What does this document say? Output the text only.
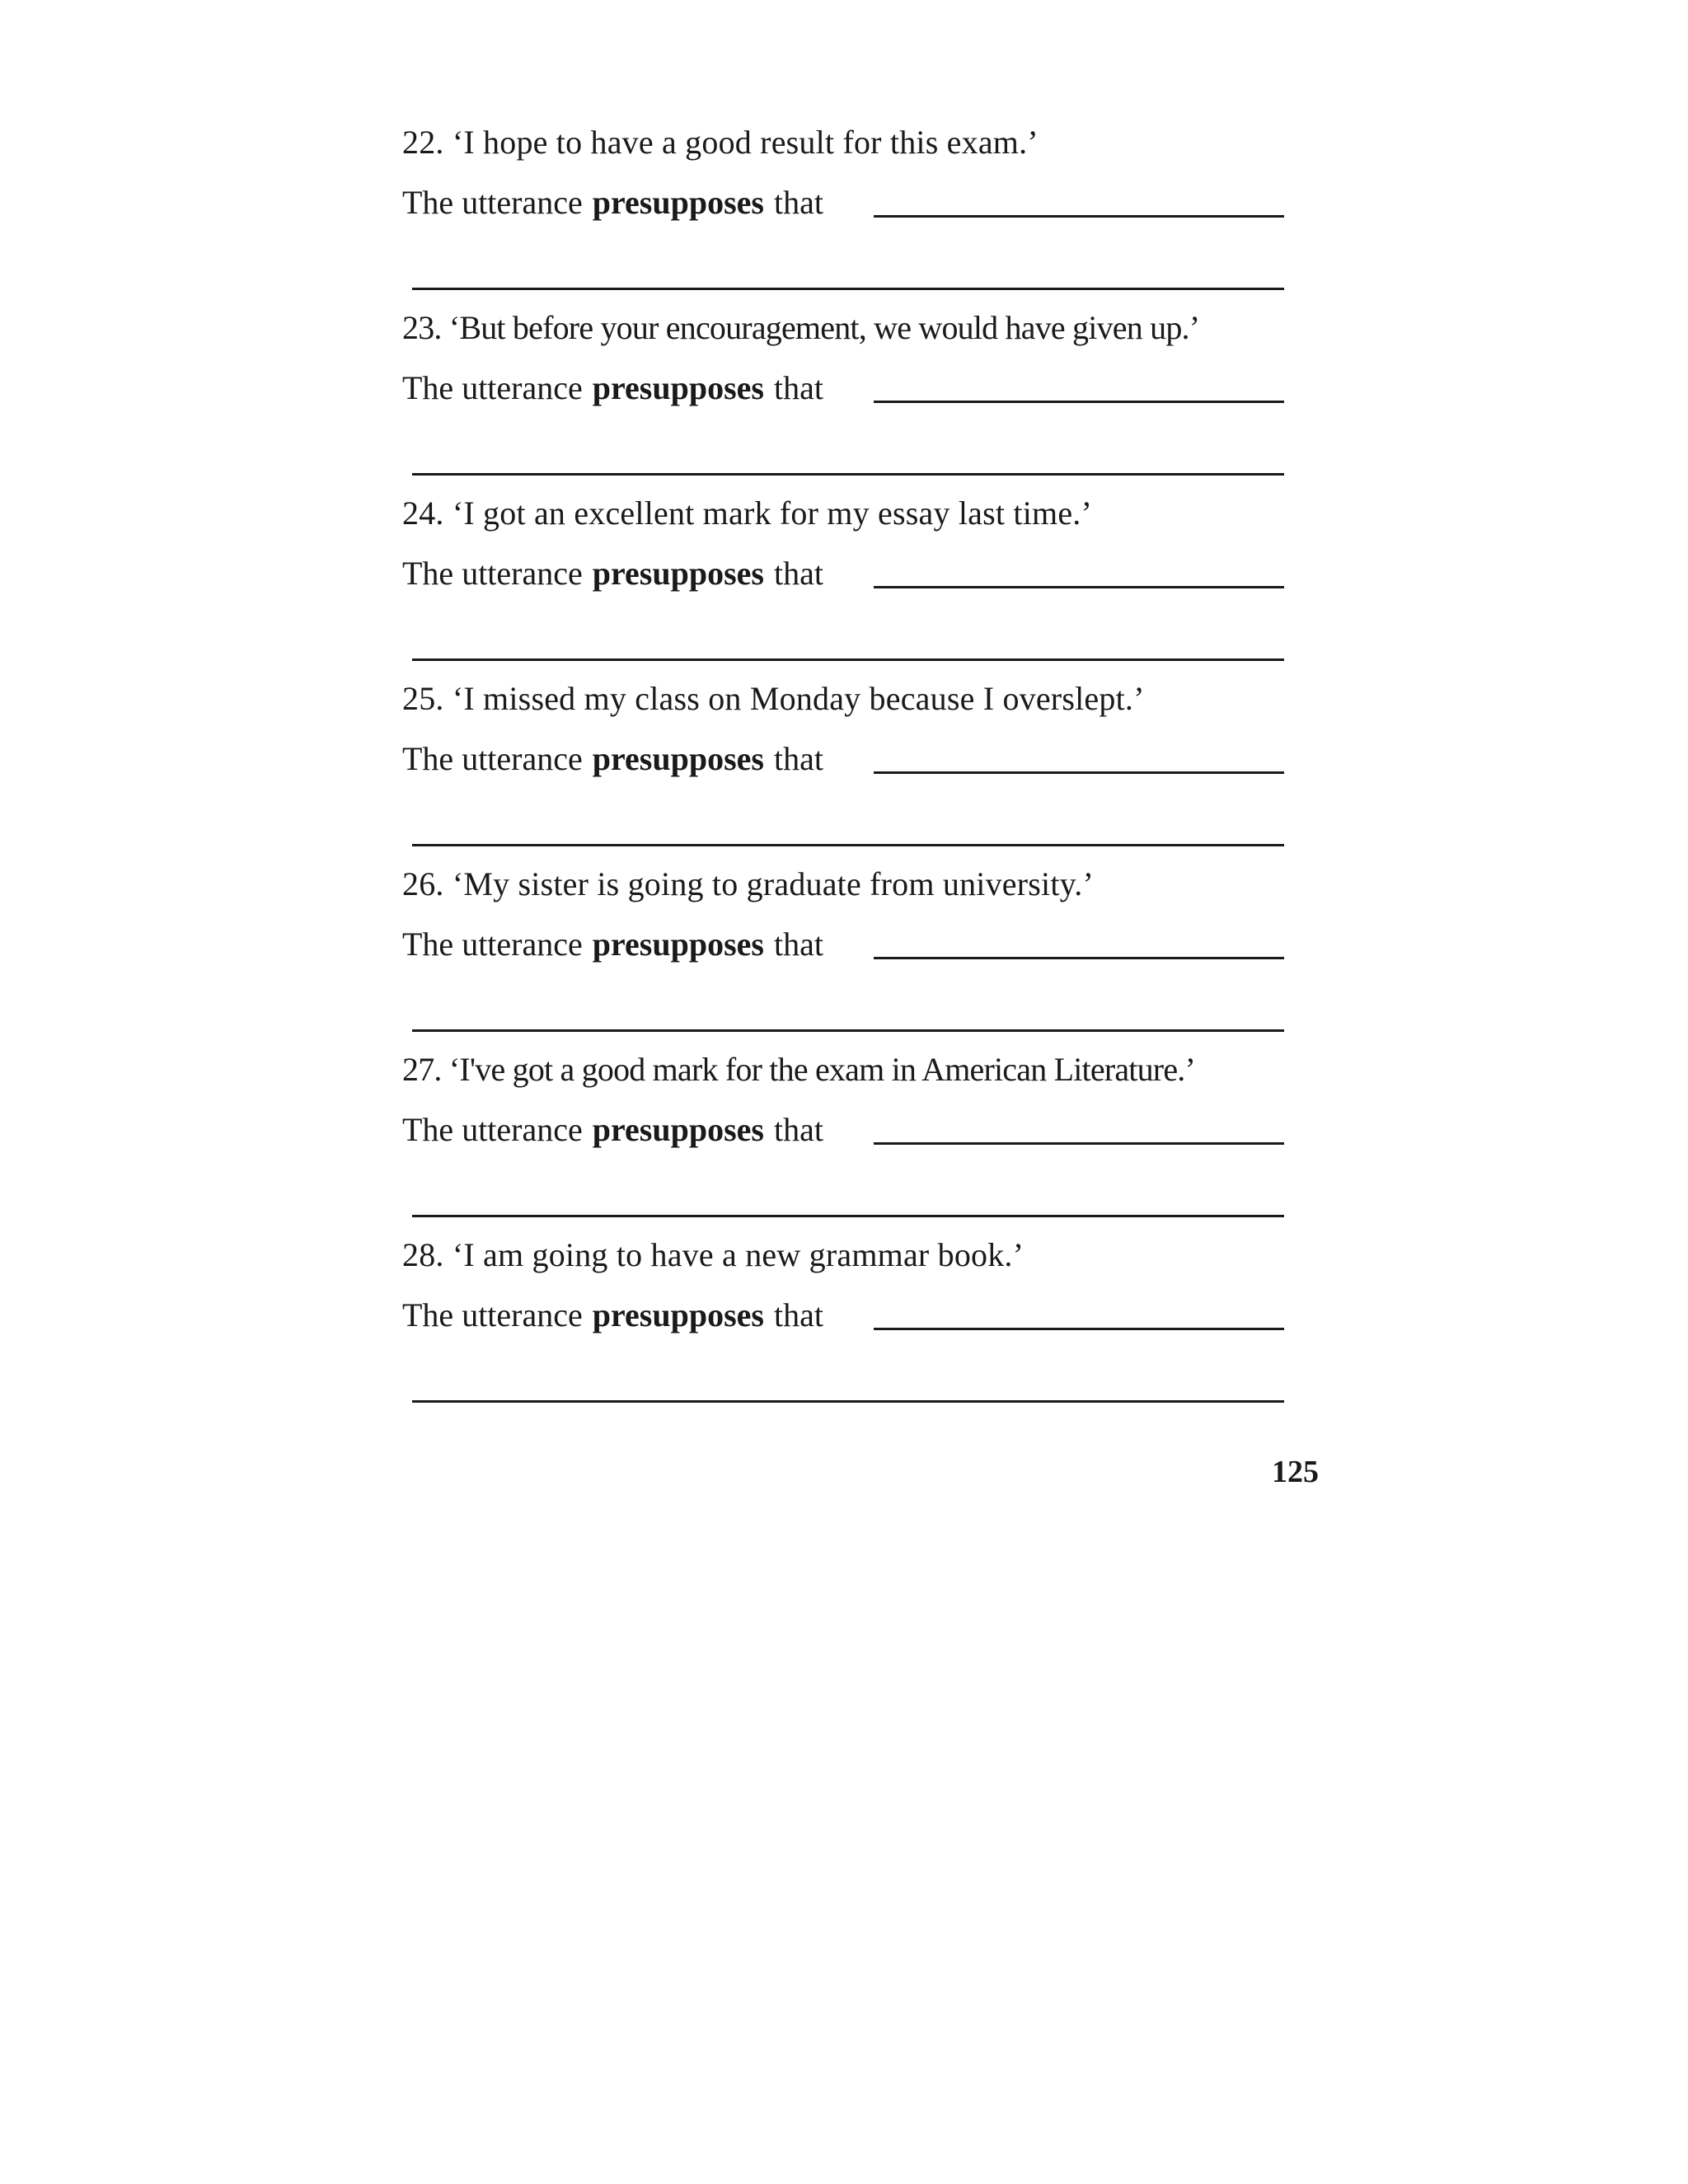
22. ‘I hope to have a good result for this exam.’
The utterance presupposes that
23. ‘But before your encouragement, we would have given up.’
The utterance presupposes that
24. ‘I got an excellent mark for my essay last time.’
The utterance presupposes that
25. ‘I missed my class on Monday because I overslept.’
The utterance presupposes that
26. ‘My sister is going to graduate from university.’
The utterance presupposes that
27. ‘I've got a good mark for the exam in American Literature.’
The utterance presupposes that
28. ‘I am going to have a new grammar book.’
The utterance presupposes that
125
